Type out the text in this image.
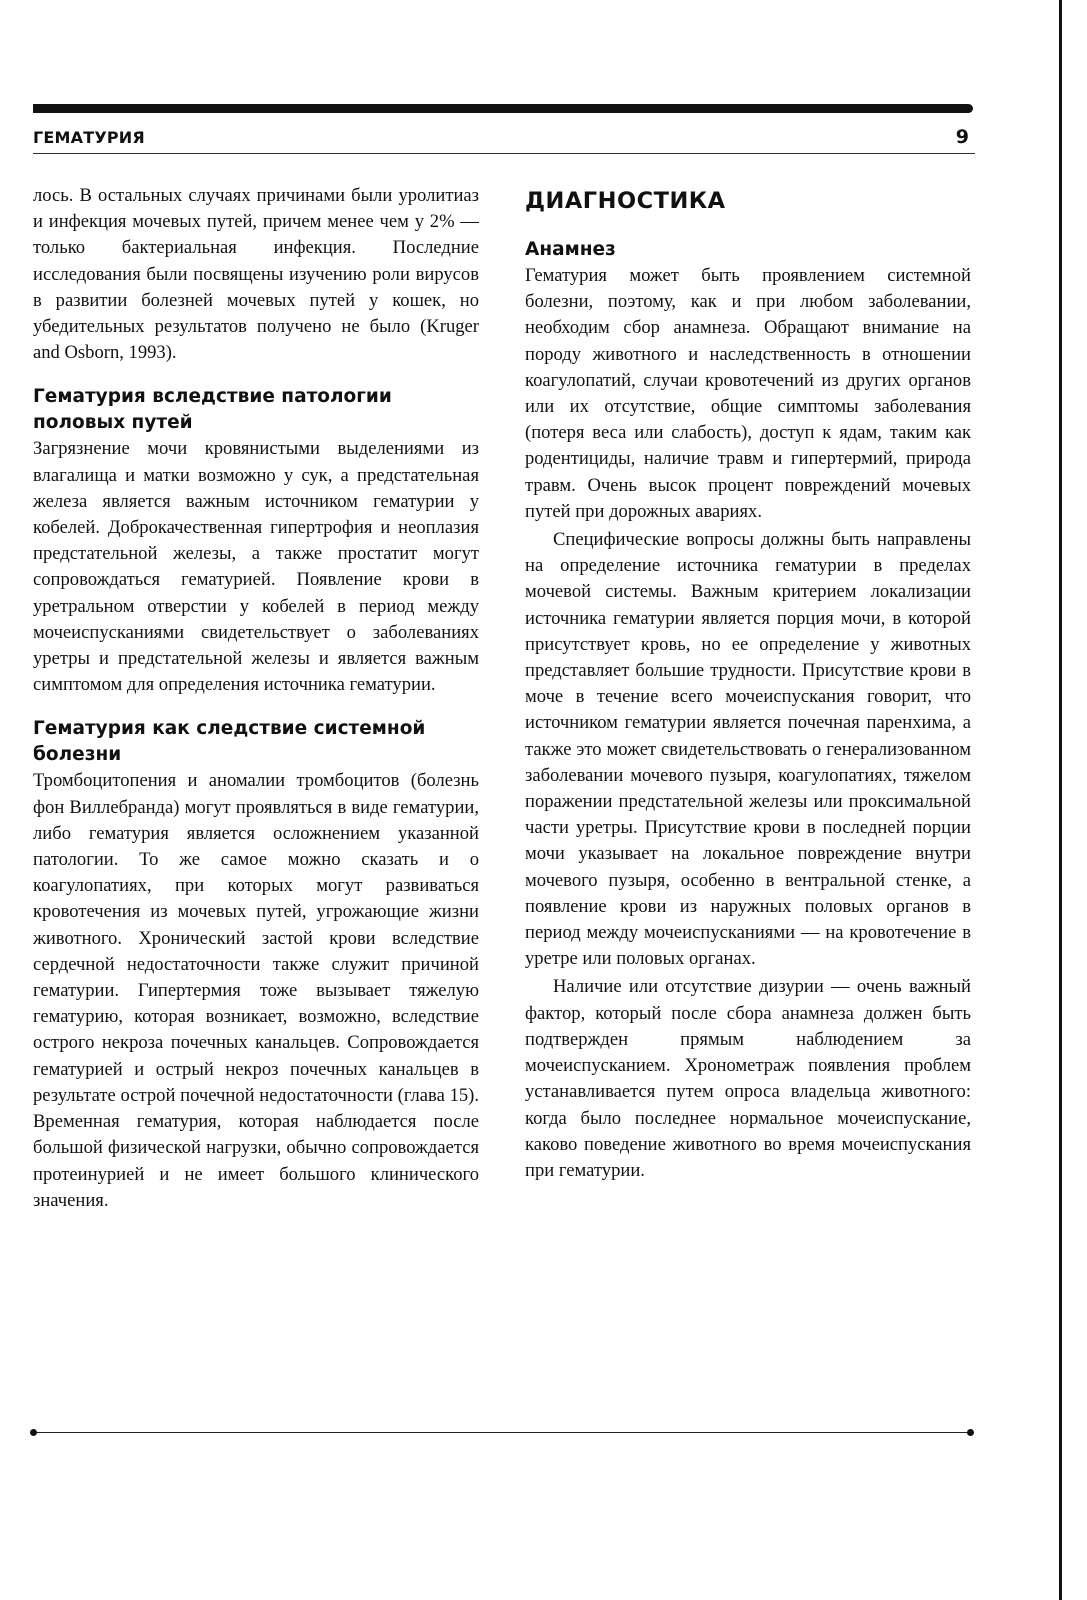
ГЕМАТУРИЯ	9

лось. В остальных случаях причинами были уролитиаз и инфекция мочевых путей, причем менее чем у 2% — только бактериальная инфекция. Последние исследования были посвящены изучению роли вирусов в развитии болезней мочевых путей у кошек, но убедительных результатов получено не было (Kruger and Osborn, 1993).

Гематурия вследствие патологии половых путей

Загрязнение мочи кровянистыми выделениями из влагалища и матки возможно у сук, а предстательная железа является важным источником гематурии у кобелей. Доброкачественная гипертрофия и неоплазия предстательной железы, а также простатит могут сопровождаться гематурией. Появление крови в уретральном отверстии у кобелей в период между мочеиспусканиями свидетельствует о заболеваниях уретры и предстательной железы и является важным симптомом для определения источника гематурии.

Гематурия как следствие системной болезни

Тромбоцитопения и аномалии тромбоцитов (болезнь фон Виллебранда) могут проявляться в виде гематурии, либо гематурия является осложнением указанной патологии. То же самое можно сказать и о коагулопатиях, при которых могут развиваться кровотечения из мочевых путей, угрожающие жизни животного. Хронический застой крови вследствие сердечной недостаточности также служит причиной гематурии. Гипертермия тоже вызывает тяжелую гематурию, которая возникает, возможно, вследствие острого некроза почечных канальцев. Сопровождается гематурией и острый некроз почечных канальцев в результате острой почечной недостаточности (глава 15). Временная гематурия, которая наблюдается после большой физической нагрузки, обычно сопровождается протеинурией и не имеет большого клинического значения.

ДИАГНОСТИКА
Анамнез

Гематурия может быть проявлением системной болезни, поэтому, как и при любом заболевании, необходим сбор анамнеза. Обращают внимание на породу животного и наследственность в отношении коагулопатий, случаи кровотечений из других органов или их отсутствие, общие симптомы заболевания (потеря веса или слабость), доступ к ядам, таким как родентициды, наличие травм и гипертермий, природа травм. Очень высок процент повреждений мочевых путей при дорожных авариях.

Специфические вопросы должны быть направлены на определение источника гематурии в пределах мочевой системы. Важным критерием локализации источника гематурии является порция мочи, в которой присутствует кровь, но ее определение у животных представляет большие трудности. Присутствие крови в моче в течение всего мочеиспускания говорит, что источником гематурии является почечная паренхима, а также это может свидетельствовать о генерализованном заболевании мочевого пузыря, коагулопатиях, тяжелом поражении предстательной железы или проксимальной части уретры. Присутствие крови в последней порции мочи указывает на локальное повреждение внутри мочевого пузыря, особенно в вентральной стенке, а появление крови из наружных половых органов в период между мочеиспусканиями — на кровотечение в уретре или половых органах.

Наличие или отсутствие дизурии — очень важный фактор, который после сбора анамнеза должен быть подтвержден прямым наблюдением за мочеиспусканием. Хронометраж появления проблем устанавливается путем опроса владельца животного: когда было последнее нормальное мочеиспускание, каково поведение животного во время мочеиспускания при гематурии.
